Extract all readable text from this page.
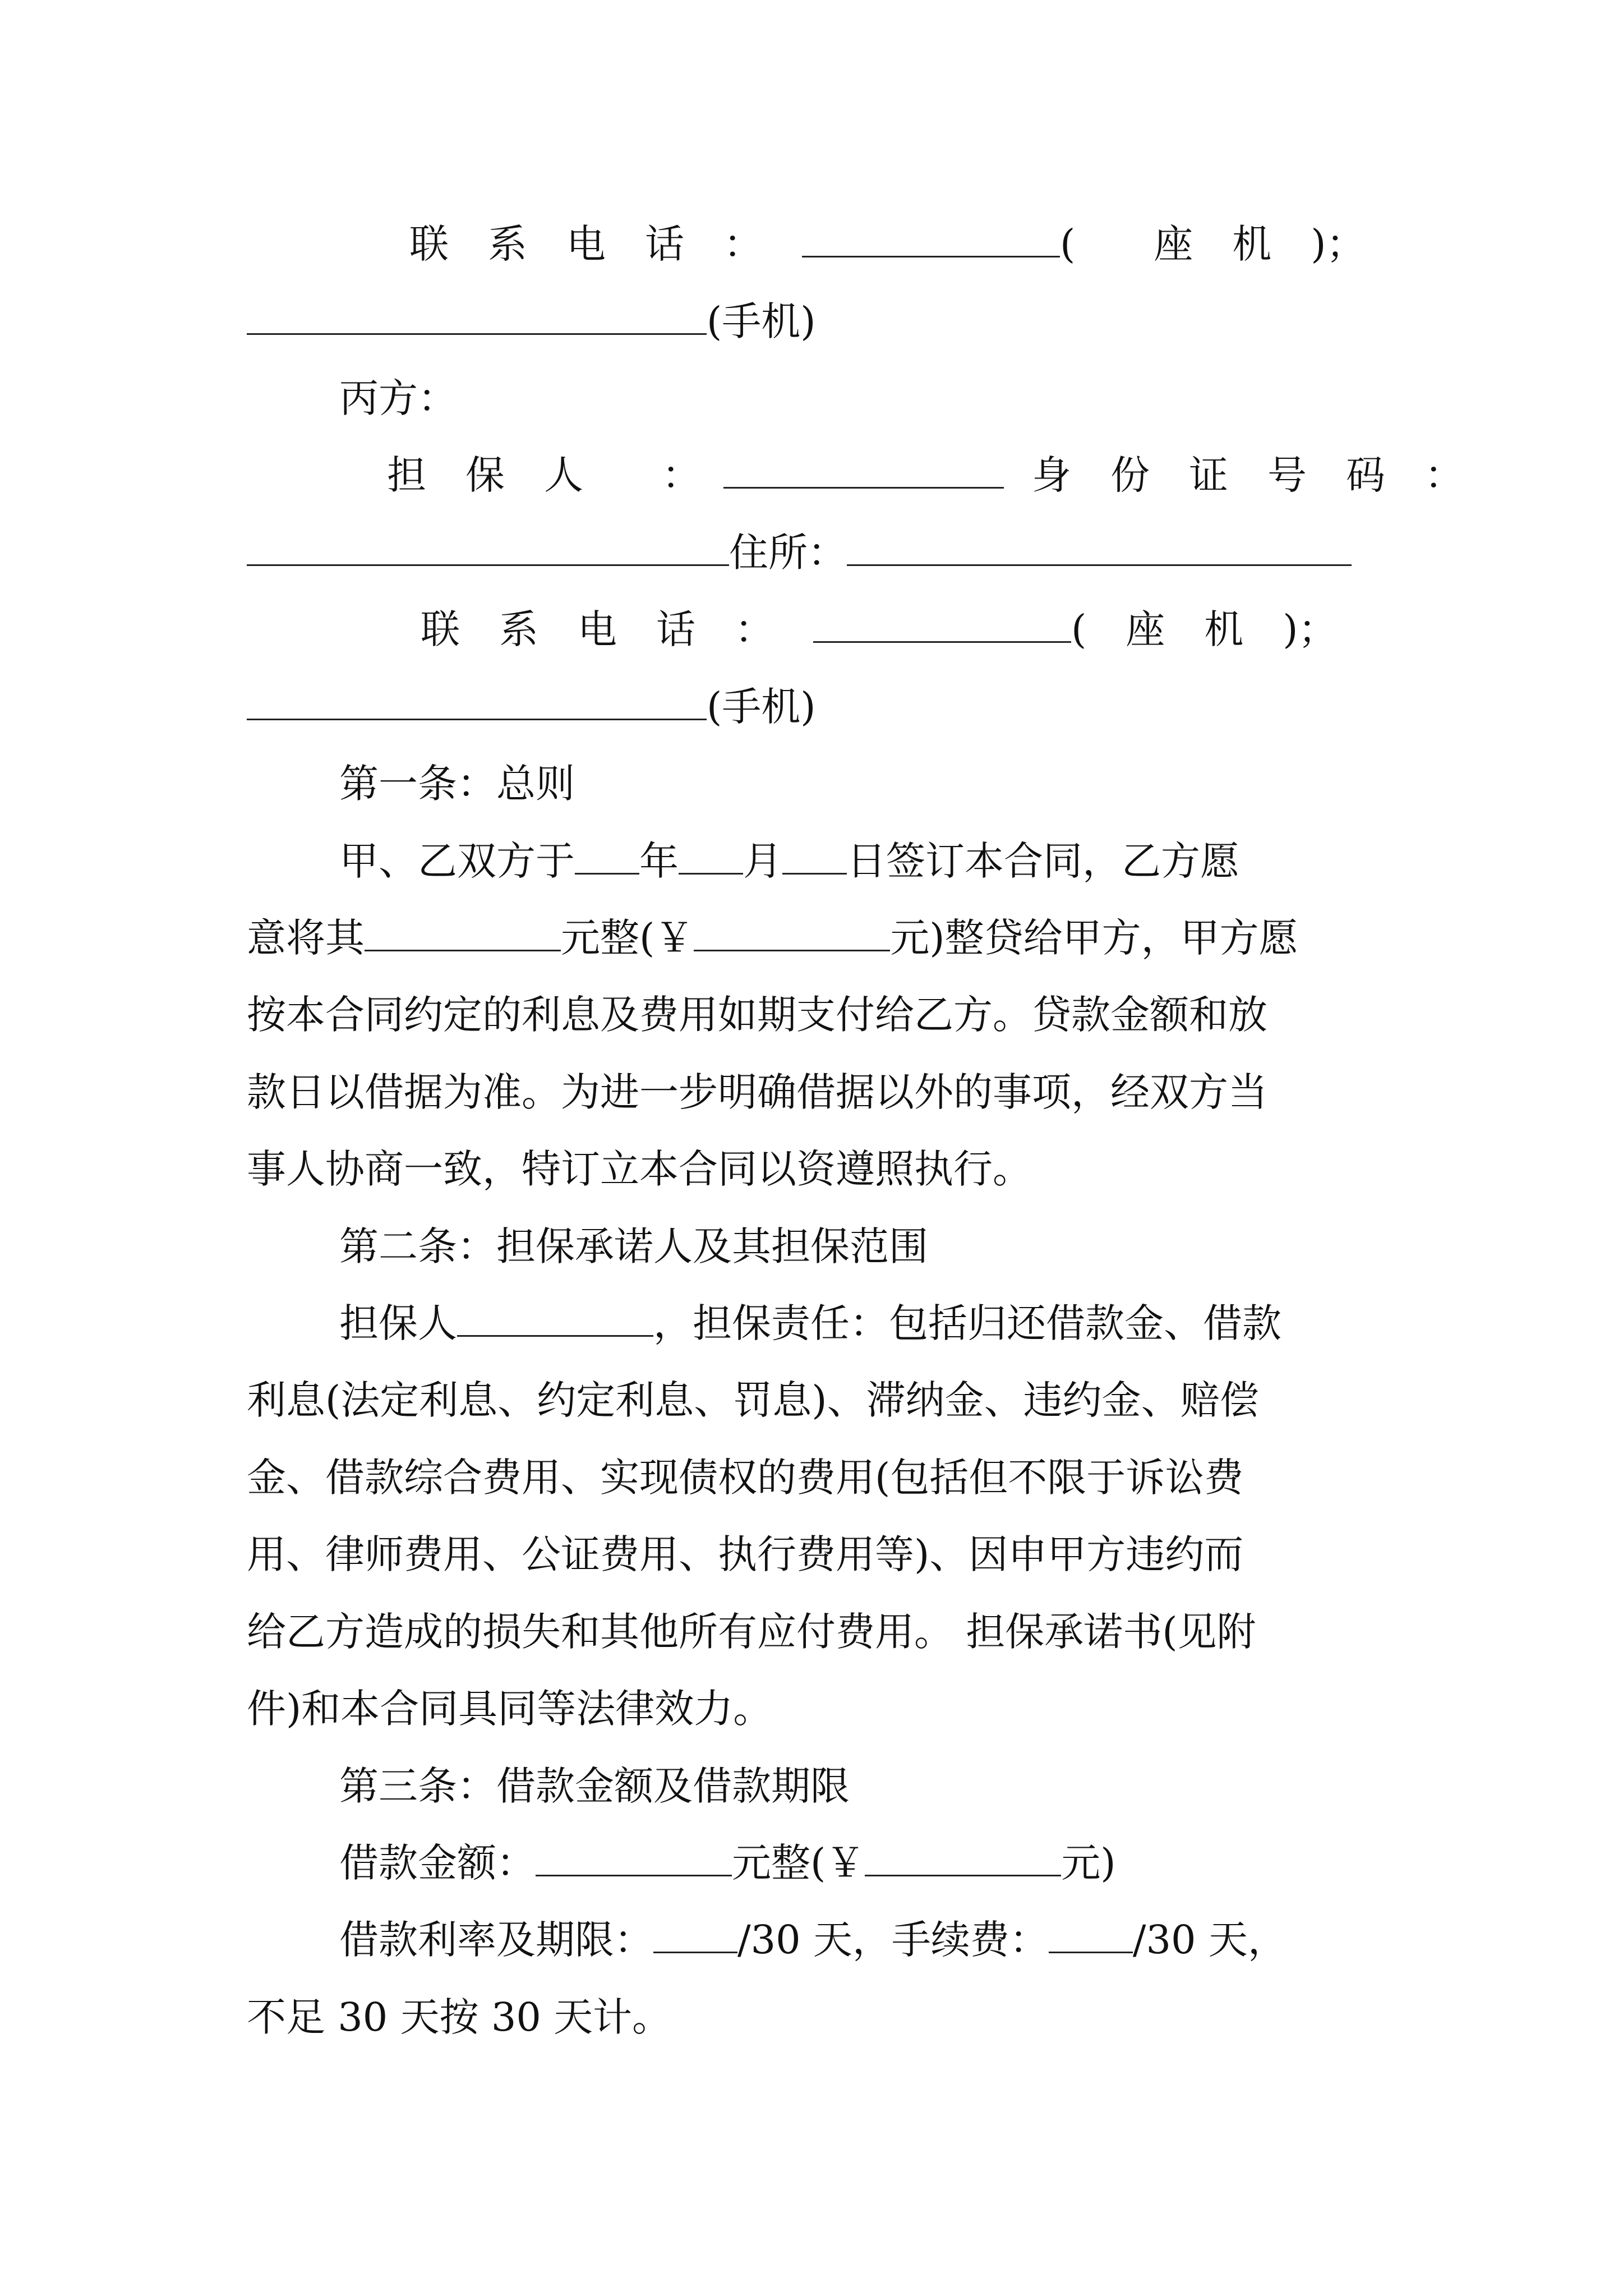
联　系　电　话　：	(　　座　机　)；
(手机)
丙方：
担　保　人　　：	身　份　证　号　码　：
住所：
联　系　电　话　：	(　座　机　)；
(手机)
第一条：总则
甲、乙双方于 年 月 日签订本合同，乙方愿
意将其	元整(￥	元)整贷给甲方，甲方愿
按本合同约定的利息及费用如期支付给乙方。贷款金额和放
款日以借据为准。为进一步明确借据以外的事项，经双方当
事人协商一致，特订立本合同以资遵照执行。
第二条：担保承诺人及其担保范围
担保人	，担保责任：包括归还借款金、借款
利息(法定利息、约定利息、罚息)、滞纳金、违约金、赔偿
金、借款综合费用、实现债权的费用(包括但不限于诉讼费
用、律师费用、公证费用、执行费用等)、因申甲方违约而
给乙方造成的损失和其他所有应付费用。 担保承诺书(见附
件)和本合同具同等法律效力。
第三条：借款金额及借款期限
借款金额：	元整(￥	元)
借款利率及期限： /30 天，手续费： /30 天，
不足 30 天按 30 天计。
